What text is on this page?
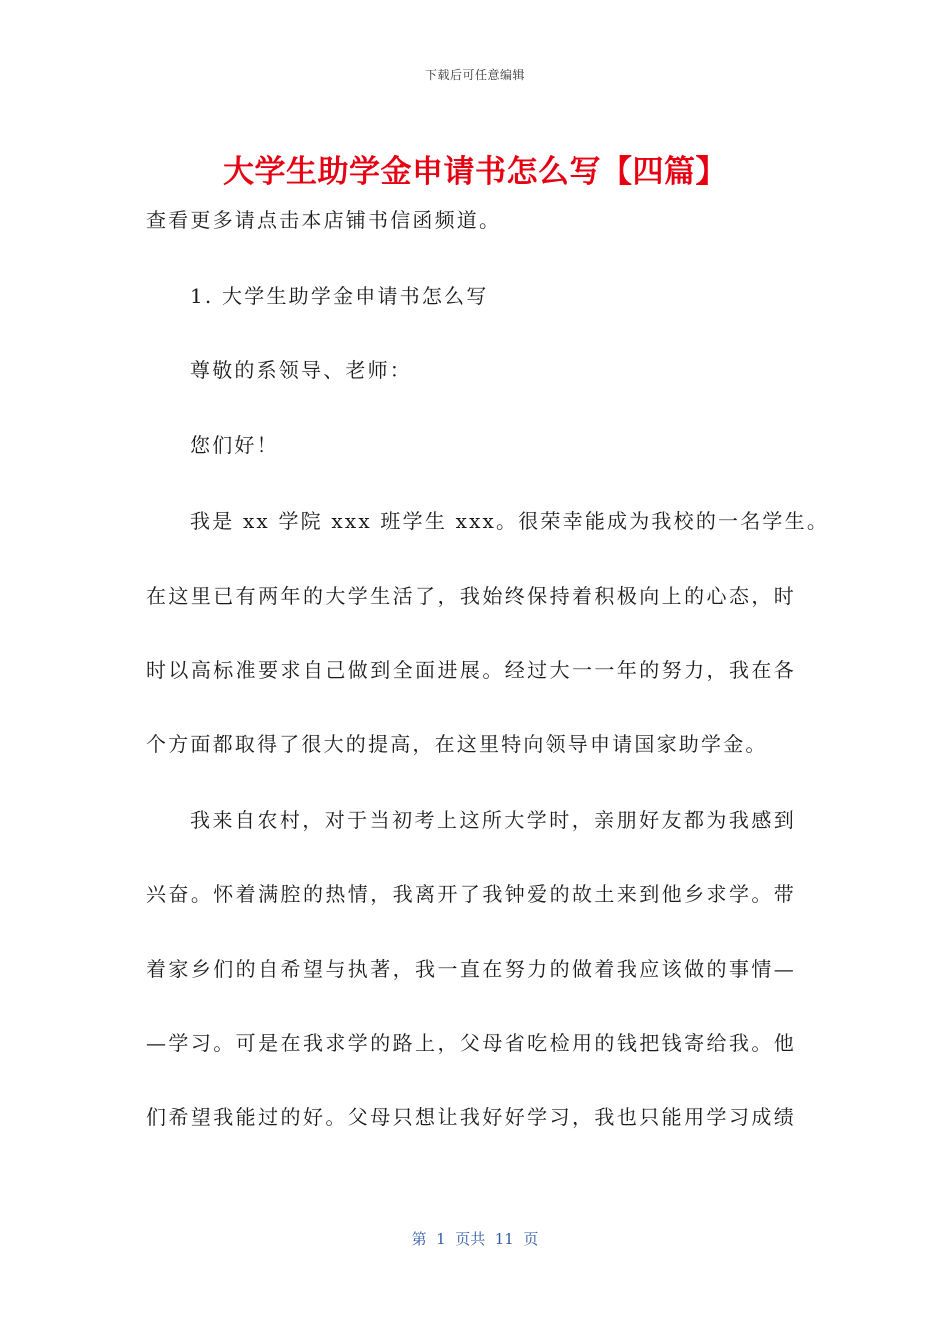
下载后可任意编辑
大学生助学金申请书怎么写【四篇】
查看更多请点击本店铺书信函频道。
1. 大学生助学金申请书怎么写
尊敬的系领导、老师：
您们好！
我是 xx 学院 xxx 班学生 xxx。很荣幸能成为我校的一名学生。
在这里已有两年的大学生活了，我始终保持着积极向上的心态，时
时以高标准要求自己做到全面进展。经过大一一年的努力，我在各
个方面都取得了很大的提高，在这里特向领导申请国家助学金。
我来自农村，对于当初考上这所大学时，亲朋好友都为我感到
兴奋。怀着满腔的热情，我离开了我钟爱的故土来到他乡求学。带
着家乡们的自希望与执著，我一直在努力的做着我应该做的事情—
—学习。可是在我求学的路上，父母省吃检用的钱把钱寄给我。他
们希望我能过的好。父母只想让我好好学习，我也只能用学习成绩
第  1  页共  11  页
